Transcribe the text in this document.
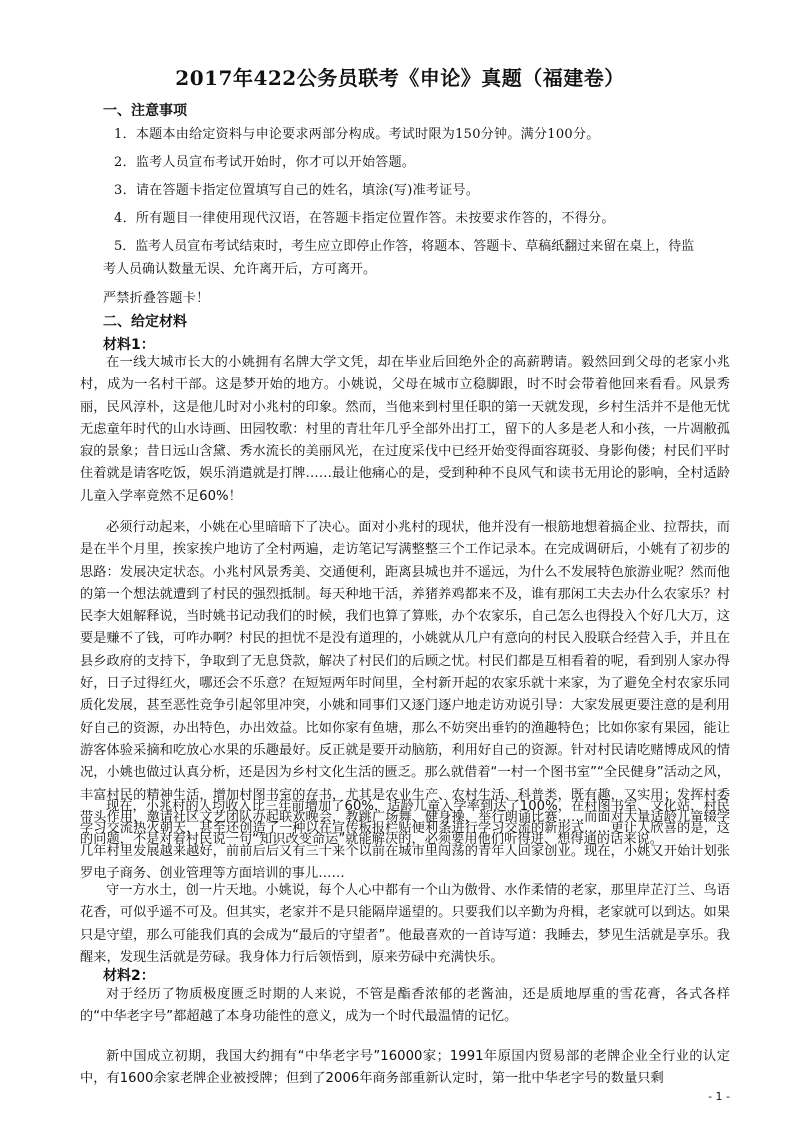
2017年422公务员联考《申论》真题（福建卷）
一、注意事项
1．本题本由给定资料与申论要求两部分构成。考试时限为150分钟。满分100分。
2．监考人员宣布考试开始时，你才可以开始答题。
3．请在答题卡指定位置填写自己的姓名，填涂(写)准考证号。
4．所有题目一律使用现代汉语，在答题卡指定位置作答。未按要求作答的，不得分。
5．监考人员宣布考试结束时，考生应立即停止作答，将题本、答题卡、草稿纸翻过来留在桌上，待监
考人员确认数量无误、允许离开后，方可离开。
严禁折叠答题卡！
二、给定材料
材料1：
在一线大城市长大的小姚拥有名牌大学文凭，却在毕业后回绝外企的高薪聘请。毅然回到父母的老家小兆村，成为一名村干部。这是梦开始的地方。小姚说，父母在城市立稳脚跟，时不时会带着他回来看看。风景秀丽，民风淳朴，这是他儿时对小兆村的印象。然而，当他来到村里任职的第一天就发现，乡村生活并不是他无忧无虑童年时代的山水诗画、田园牧歌：村里的青壮年几乎全部外出打工，留下的人多是老人和小孩，一片凋敝孤寂的景象；昔日远山含黛、秀水流长的美丽风光，在过度采伐中已经开始变得面容斑驳、身影佝偻；村民们平时住着就是请客吃饭，娱乐消遣就是打牌……最让他痛心的是，受到种种不良风气和读书无用论的影响，全村适龄儿童入学率竟然不足60%！
必须行动起来，小姚在心里暗暗下了决心。面对小兆村的现状，他并没有一根筋地想着搞企业、拉帮扶，而是在半个月里，挨家挨户地访了全村两遍，走访笔记写满整整三个工作记录本。在完成调研后，小姚有了初步的思路：发展决定状态。小兆村风景秀美、交通便利，距离县城也并不遥远，为什么不发展特色旅游业呢？然而他的第一个想法就遭到了村民的强烈抵制。每天种地干活，养猪养鸡都来不及，谁有那闲工夫去办什么农家乐？村民李大姐解释说，当时姚书记动我们的时候，我们也算了算账，办个农家乐，自己怎么也得投入个好几大万，这要是赚不了钱，可咋办啊？村民的担忧不是没有道理的，小姚就从几户有意向的村民入股联合经营入手，并且在县乡政府的支持下，争取到了无息贷款，解决了村民们的后顾之忧。村民们都是互相看着的呢，看到别人家办得好，日子过得红火，哪还会不乐意？在短短两年时间里，全村新开起的农家乐就十来家，为了避免全村农家乐同质化发展，甚至恶性竞争引起邻里冲突，小姚和同事们又逐门逐户地走访劝说引导：大家发展更要注意的是利用好自己的资源，办出特色，办出效益。比如你家有鱼塘，那么不妨突出垂钓的渔趣特色；比如你家有果园，能让游客体验采摘和吃放心水果的乐趣最好。反正就是要开动脑筋，利用好自己的资源。针对村民请吃赌博成风的情况，小姚也做过认真分析，还是因为乡村文化生活的匮乏。那么就借着“一村一个图书室”“全民健身”活动之风，丰富村民的精神生活，增加村图书室的存书，尤其是农业生产、农村生活、科普类，既有趣，又实用；发挥村委带头作用，邀请社区文艺团队办起联欢晚会，教跳广场舞、健身操，举行朗诵比赛……而面对大量适龄儿童辍学的问题，不是对着村民说一句“知识改变命运”就能解决的，必须要用他们听得进、想得通的话来说。
现在，小兆村的人均收入比三年前增加了60%，适龄儿童入学率到达了100%，在村图书室、文化站，村民学习交流热火朝天，甚至还创造了一种以在宣传板报栏贴便利条进行学习交流的新形式……更让人欣喜的是，这几年村里发展越来越好，前前后后又有三十来个以前在城市里闯荡的青年人回家创业。现在，小姚又开始计划张罗电子商务、创业管理等方面培训的事儿……
守一方水土，创一片天地。小姚说，每个人心中都有一个山为傲骨、水作柔情的老家，那里岸芷汀兰、鸟语花香，可似乎遥不可及。但其实，老家并不是只能隔岸遥望的。只要我们以辛勤为舟楫，老家就可以到达。如果只是守望，那么可能我们真的会成为“最后的守望者”。他最喜欢的一首诗写道：我睡去，梦见生活就是享乐。我醒来，发现生活就是劳碌。我身体力行后领悟到，原来劳碌中充满快乐。
材料2：
对于经历了物质极度匮乏时期的人来说，不管是酯香浓郁的老酱油，还是质地厚重的雪花膏，各式各样的“中华老字号”都超越了本身功能性的意义，成为一个时代最温情的记忆。
新中国成立初期，我国大约拥有“中华老字号”16000家；1991年原国内贸易部的老牌企业全行业的认定中，有1600余家老牌企业被授牌；但到了2006年商务部重新认定时，第一批中华老字号的数量只剩
- 1 -
